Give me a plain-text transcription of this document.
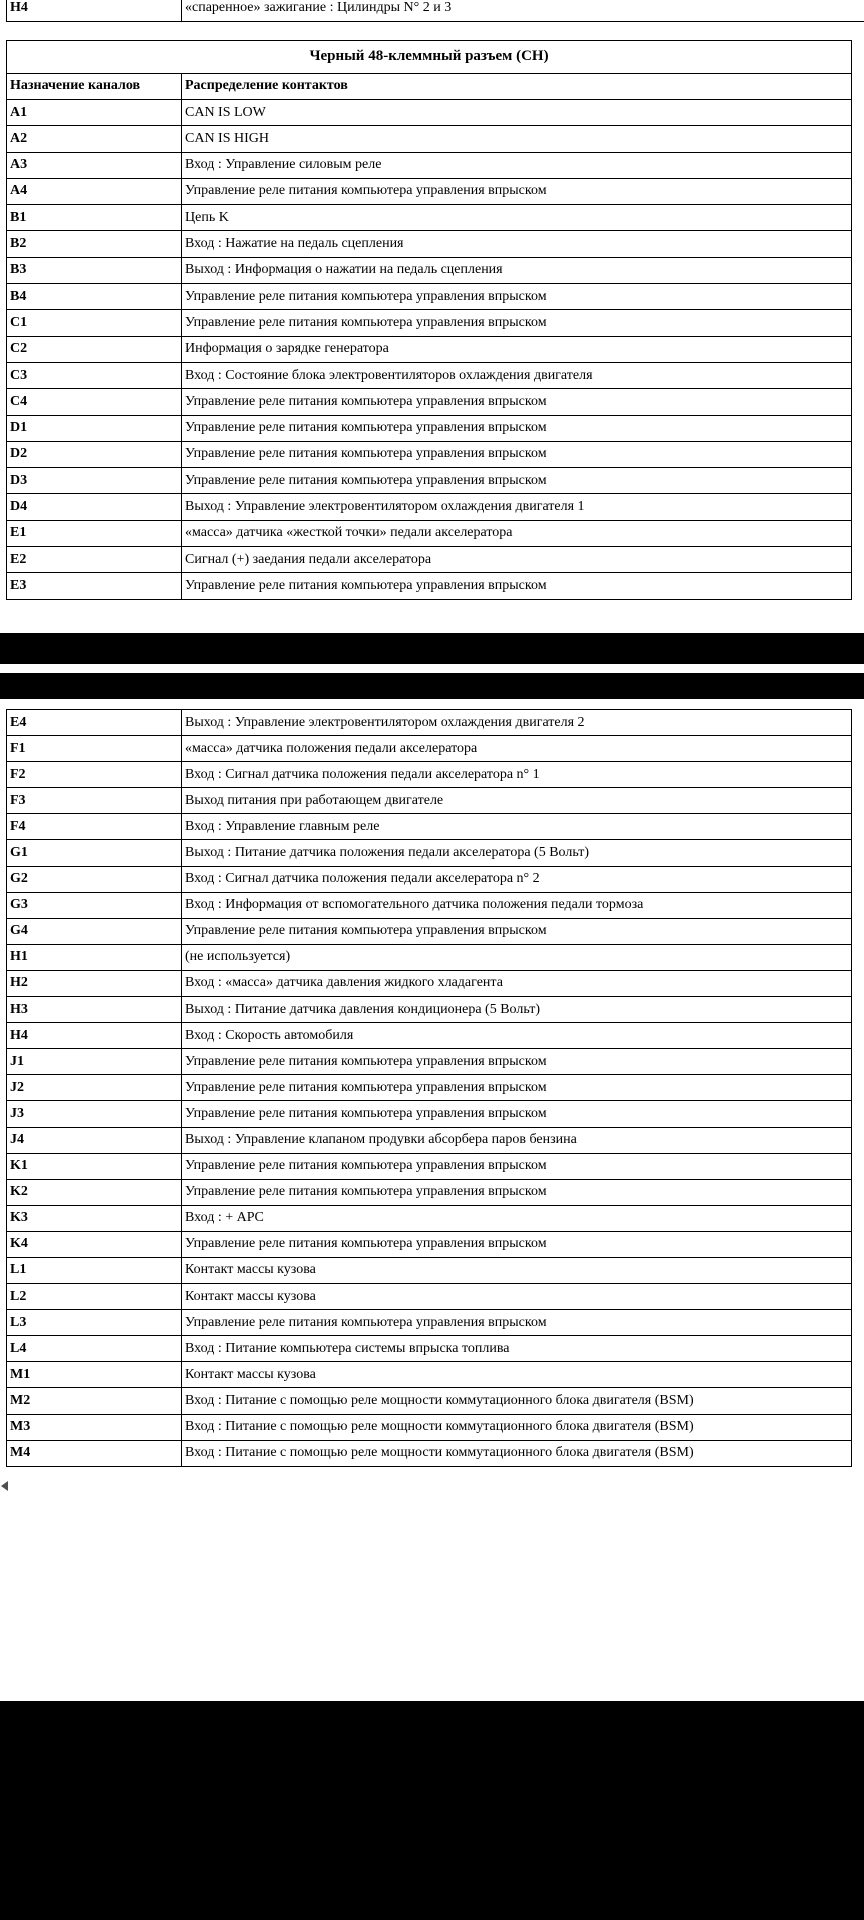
H4	«спаренное» зажигание : Цилиндры N° 2 и 3
Черный 48-клеммный разъем (CH)	
Назначение каналов	Распределение контактов
A1	CAN IS LOW
A2	CAN IS HIGH
A3	Вход : Управление силовым реле
A4	Управление реле питания компьютера управления впрыском
B1	Цепь K
B2	Вход : Нажатие на педаль сцепления
B3	Выход : Информация о нажатии на педаль сцепления
B4	Управление реле питания компьютера управления впрыском
C1	Управление реле питания компьютера управления впрыском
C2	Информация о зарядке генератора
C3	Вход : Состояние блока электровентиляторов охлаждения двигателя
C4	Управление реле питания компьютера управления впрыском
D1	Управление реле питания компьютера управления впрыском
D2	Управление реле питания компьютера управления впрыском
D3	Управление реле питания компьютера управления впрыском
D4	Выход : Управление электровентилятором охлаждения двигателя 1
E1	«масса» датчика «жесткой точки» педали акселератора
E2	Сигнал (+) заедания педали акселератора
E3	Управление реле питания компьютера управления впрыском
E4	Выход : Управление электровентилятором охлаждения двигателя 2
F1	«масса» датчика положения педали акселератора
F2	Вход : Сигнал датчика положения педали акселератора n° 1
F3	Выход питания при работающем двигателе
F4	Вход : Управление главным реле
G1	Выход : Питание датчика положения педали акселератора (5 Вольт)
G2	Вход : Сигнал датчика положения педали акселератора n° 2
G3	Вход : Информация от вспомогательного датчика положения педали тормоза
G4	Управление реле питания компьютера управления впрыском
H1	(не используется)
H2	Вход : «масса» датчика давления жидкого хладагента
H3	Выход : Питание датчика давления кондиционера (5 Вольт)
H4	Вход : Скорость автомобиля
J1	Управление реле питания компьютера управления впрыском
J2	Управление реле питания компьютера управления впрыском
J3	Управление реле питания компьютера управления впрыском
J4	Выход : Управление клапаном продувки абсорбера паров бензина
K1	Управление реле питания компьютера управления впрыском
K2	Управление реле питания компьютера управления впрыском
K3	Вход : + APC
K4	Управление реле питания компьютера управления впрыском
L1	Контакт массы кузова
L2	Контакт массы кузова
L3	Управление реле питания компьютера управления впрыском
L4	Вход : Питание компьютера системы впрыска топлива
M1	Контакт массы кузова
M2	Вход : Питание с помощью реле мощности коммутационного блока двигателя (BSM)
M3	Вход : Питание с помощью реле мощности коммутационного блока двигателя (BSM)
M4	Вход : Питание с помощью реле мощности коммутационного блока двигателя (BSM)
